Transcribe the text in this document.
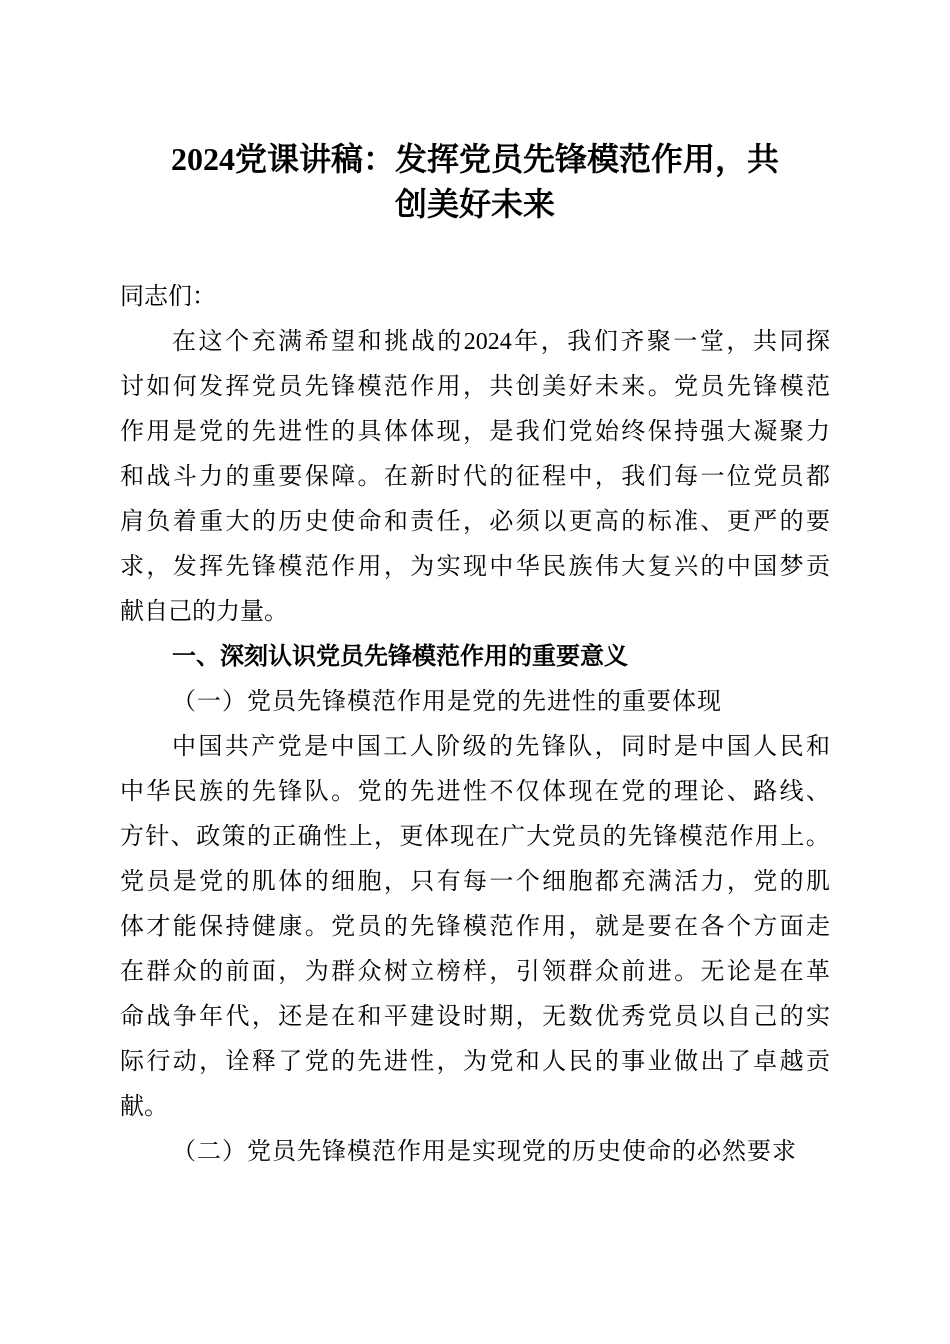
2024党课讲稿：发挥党员先锋模范作用，共
创美好未来
同志们：
在这个充满希望和挑战的2024年，我们齐聚一堂，共同探
讨如何发挥党员先锋模范作用，共创美好未来。党员先锋模范
作用是党的先进性的具体体现，是我们党始终保持强大凝聚力
和战斗力的重要保障。在新时代的征程中，我们每一位党员都
肩负着重大的历史使命和责任，必须以更高的标准、更严的要
求，发挥先锋模范作用，为实现中华民族伟大复兴的中国梦贡
献自己的力量。
一、深刻认识党员先锋模范作用的重要意义
（一）党员先锋模范作用是党的先进性的重要体现
中国共产党是中国工人阶级的先锋队，同时是中国人民和
中华民族的先锋队。党的先进性不仅体现在党的理论、路线、
方针、政策的正确性上，更体现在广大党员的先锋模范作用上。
党员是党的肌体的细胞，只有每一个细胞都充满活力，党的肌
体才能保持健康。党员的先锋模范作用，就是要在各个方面走
在群众的前面，为群众树立榜样，引领群众前进。无论是在革
命战争年代，还是在和平建设时期，无数优秀党员以自己的实
际行动，诠释了党的先进性，为党和人民的事业做出了卓越贡
献。
（二）党员先锋模范作用是实现党的历史使命的必然要求
